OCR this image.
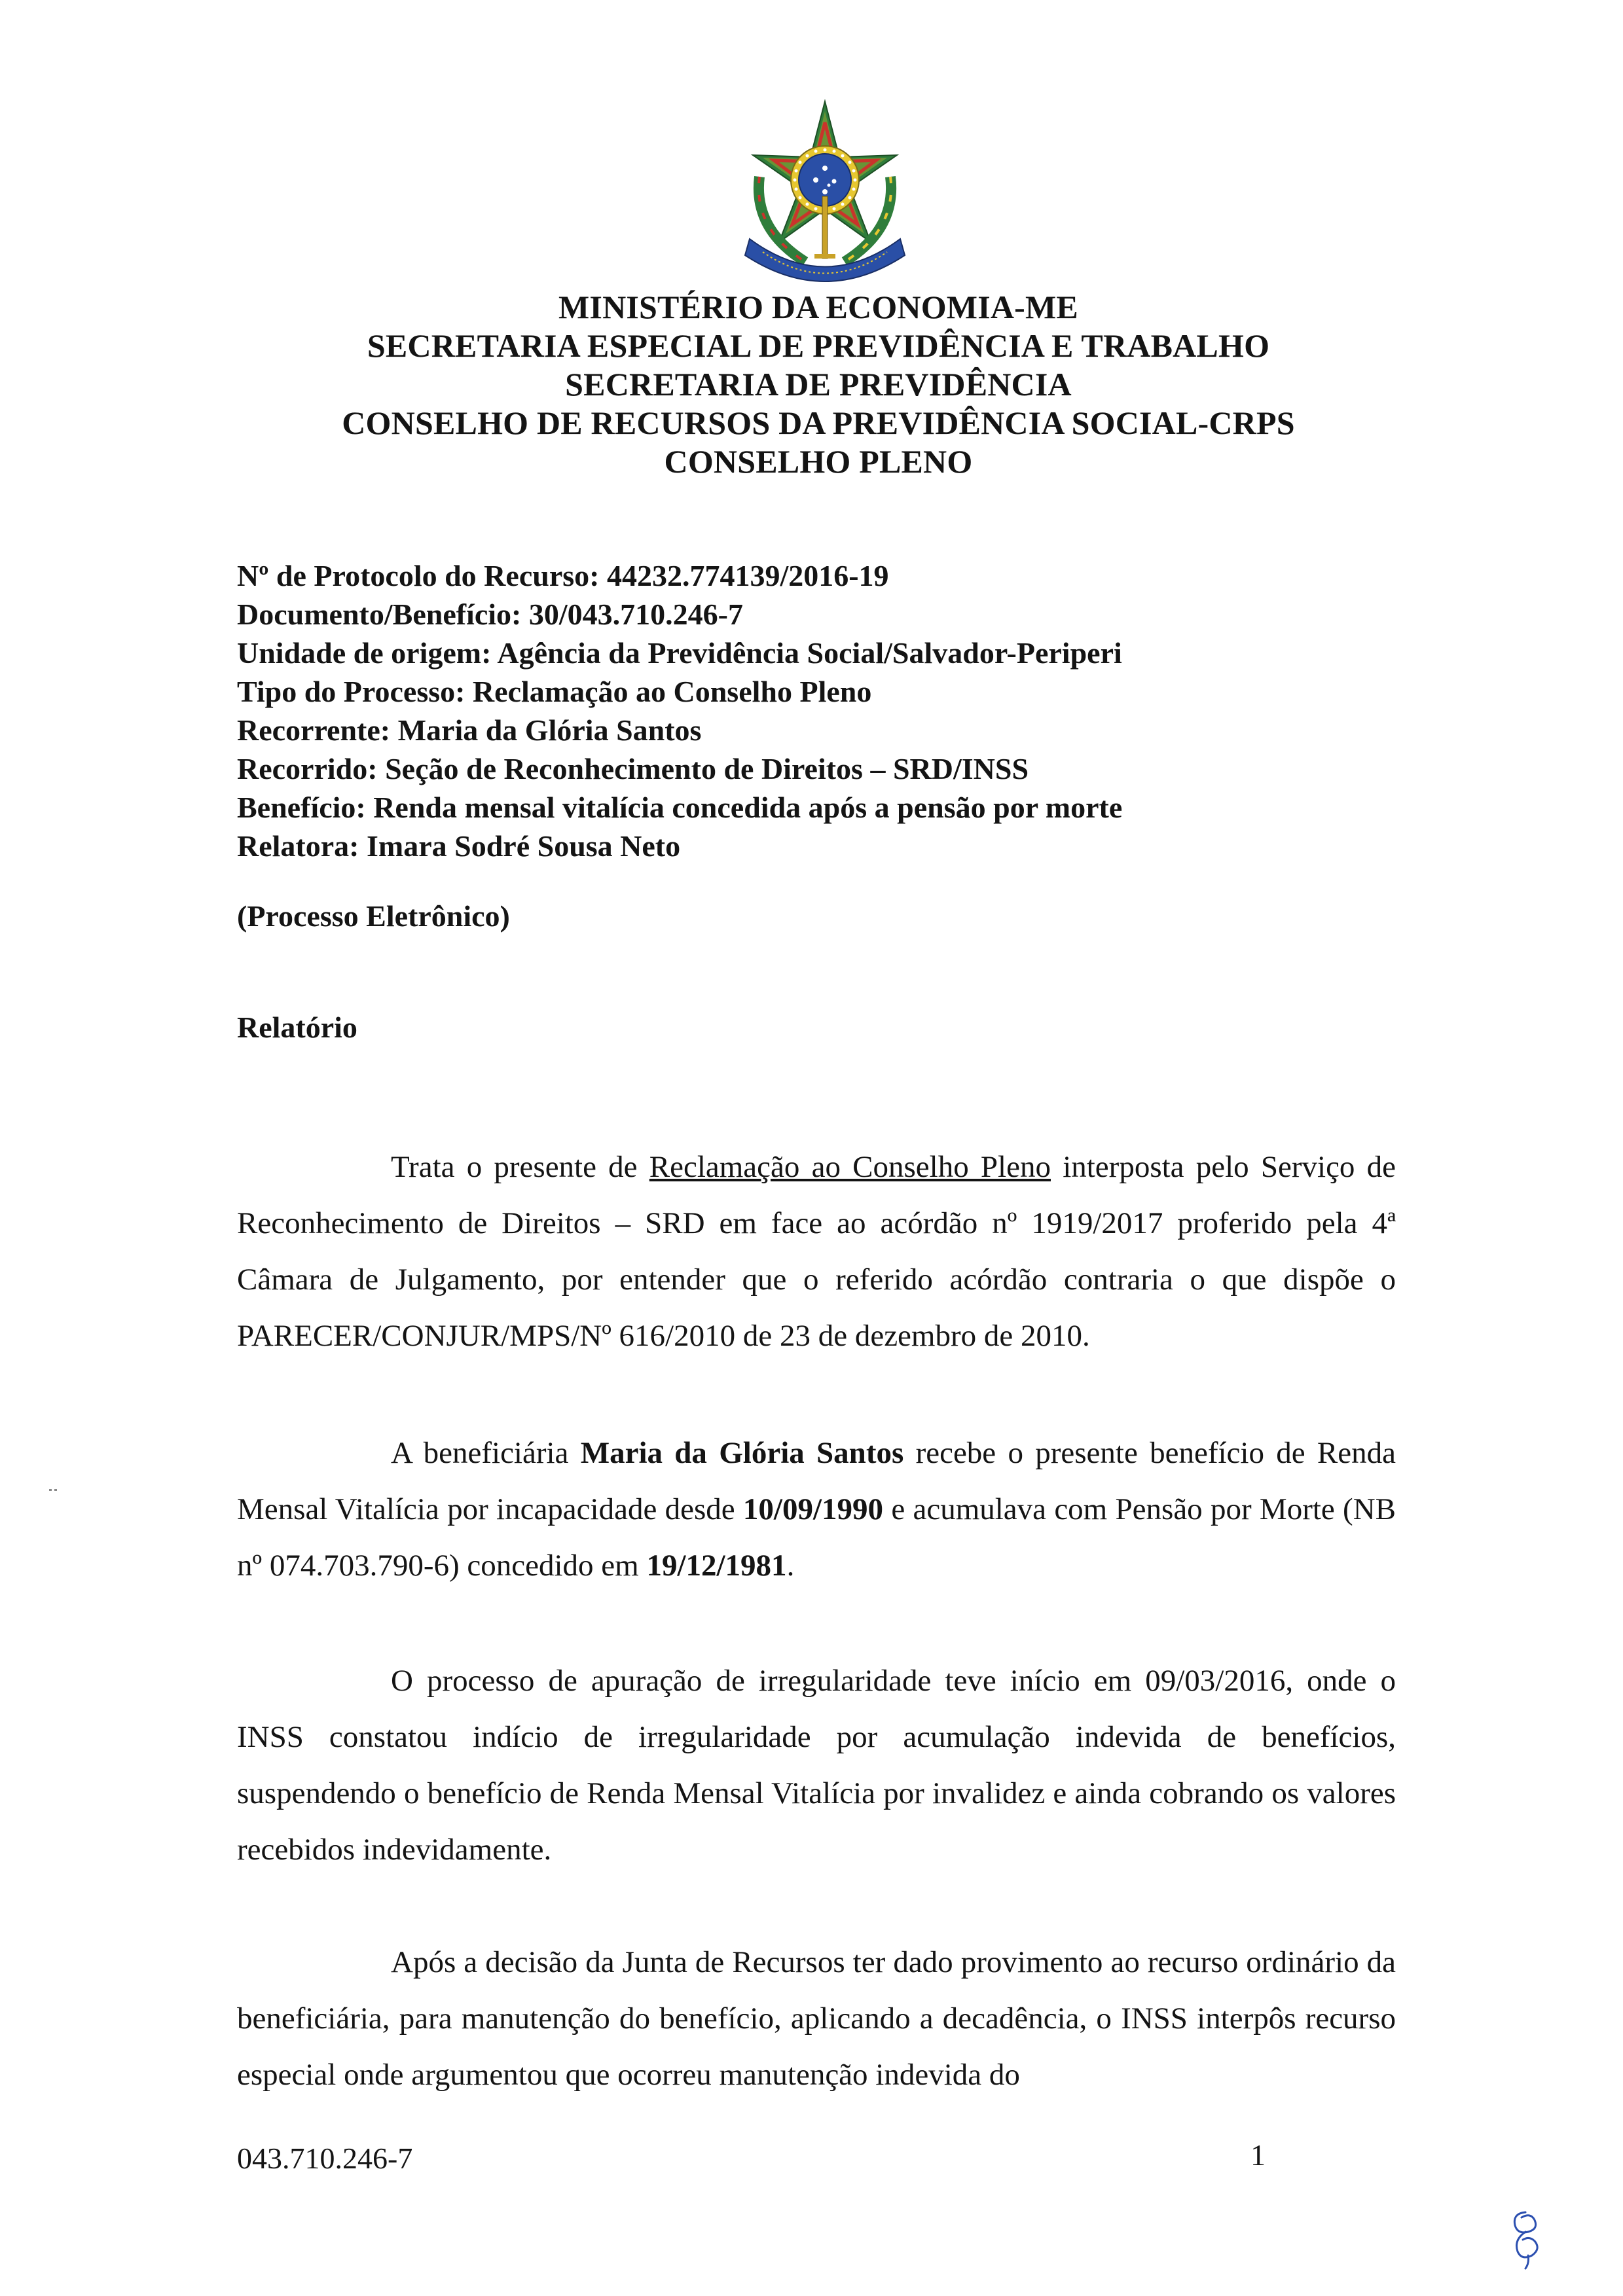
MINISTÉRIO DA ECONOMIA-ME
SECRETARIA ESPECIAL DE PREVIDÊNCIA E TRABALHO
SECRETARIA DE PREVIDÊNCIA
CONSELHO DE RECURSOS DA PREVIDÊNCIA SOCIAL-CRPS
CONSELHO PLENO
Nº de Protocolo do Recurso: 44232.774139/2016-19
Documento/Benefício: 30/043.710.246-7
Unidade de origem: Agência da Previdência Social/Salvador-Periperi
Tipo do Processo: Reclamação ao Conselho Pleno
Recorrente: Maria da Glória Santos
Recorrido: Seção de Reconhecimento de Direitos – SRD/INSS
Benefício: Renda mensal vitalícia concedida após a pensão por morte
Relatora: Imara Sodré Sousa Neto
(Processo Eletrônico)
Relatório
Trata o presente de Reclamação ao Conselho Pleno interposta pelo Serviço de Reconhecimento de Direitos – SRD em face ao acórdão nº 1919/2017 proferido pela 4ª Câmara de Julgamento, por entender que o referido acórdão contraria o que dispõe o PARECER/CONJUR/MPS/Nº 616/2010 de 23 de dezembro de 2010.
A beneficiária Maria da Glória Santos recebe o presente benefício de Renda Mensal Vitalícia por incapacidade desde 10/09/1990 e acumulava com Pensão por Morte (NB nº 074.703.790-6) concedido em 19/12/1981.
O processo de apuração de irregularidade teve início em 09/03/2016, onde o INSS constatou indício de irregularidade por acumulação indevida de benefícios, suspendendo o benefício de Renda Mensal Vitalícia por invalidez e ainda cobrando os valores recebidos indevidamente.
Após a decisão da Junta de Recursos ter dado provimento ao recurso ordinário da beneficiária, para manutenção do benefício, aplicando a decadência, o INSS interpôs recurso especial onde argumentou que ocorreu manutenção indevida do
043.710.246-7	1
